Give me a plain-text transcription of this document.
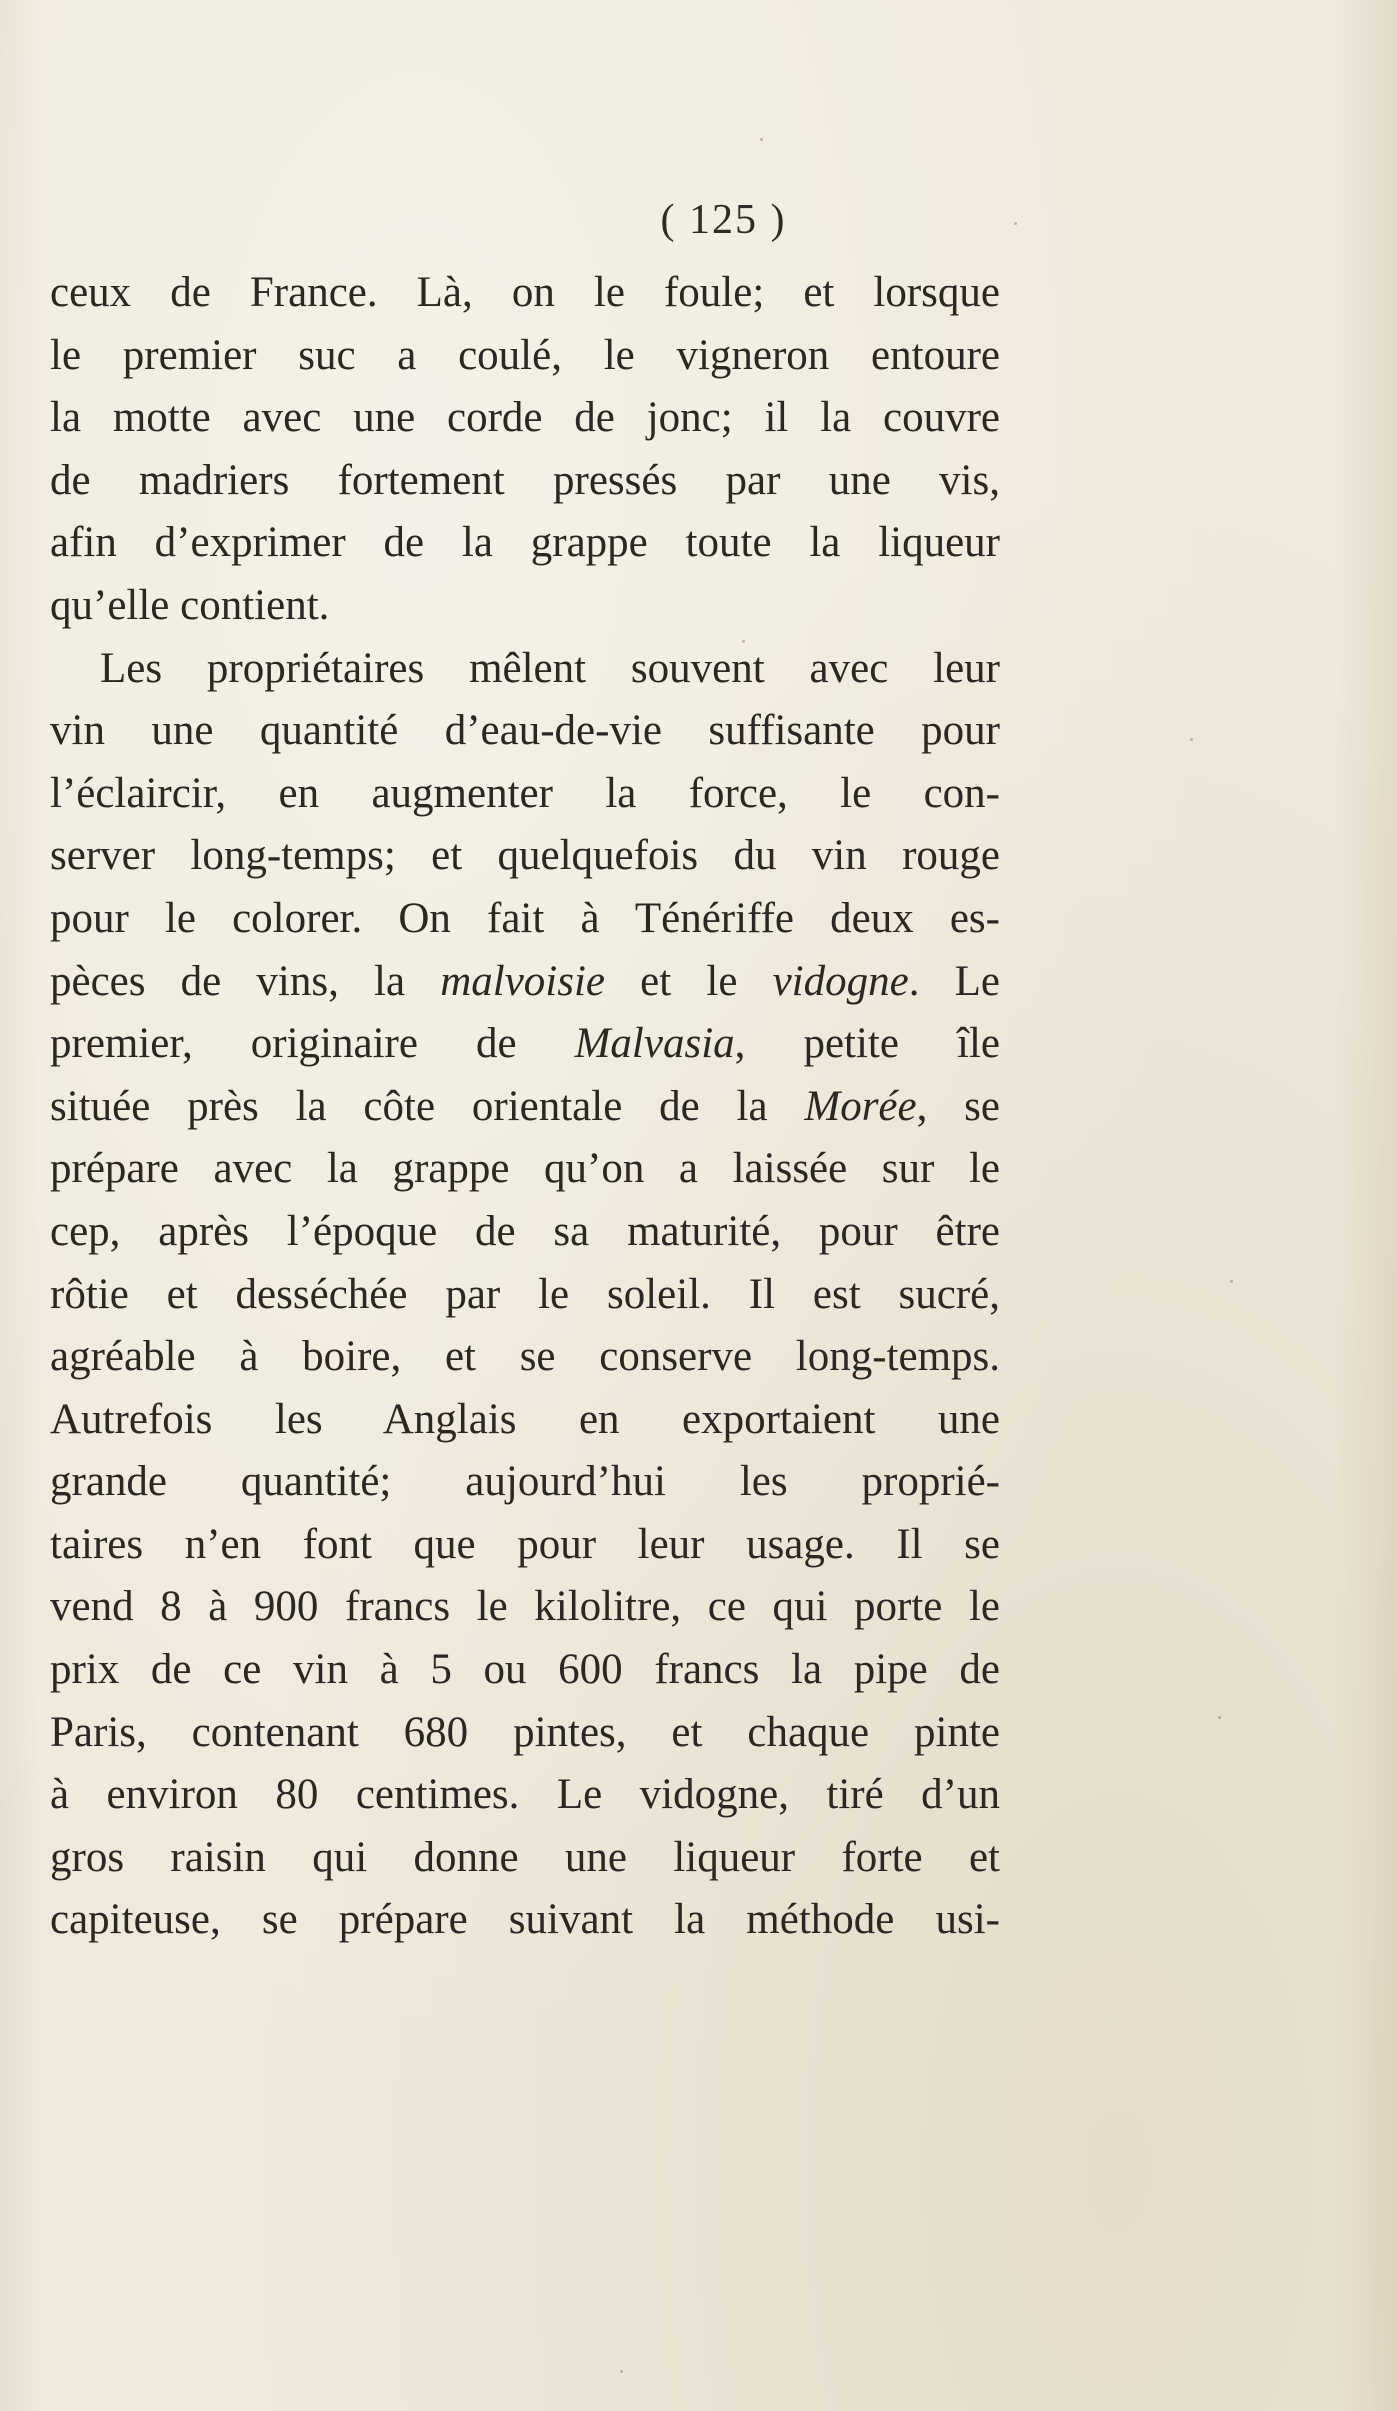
( 125 )
ceux de France. Là, on le foule; et lorsque
le premier suc a coulé, le vigneron entoure
la motte avec une corde de jonc; il la couvre
de madriers fortement pressés par une vis,
afin d’exprimer de la grappe toute la liqueur
qu’elle contient.
Les propriétaires mêlent souvent avec leur
vin une quantité d’eau-de-vie suffisante pour
l’éclaircir, en augmenter la force, le con-
server long-temps; et quelquefois du vin rouge
pour le colorer. On fait à Ténériffe deux es-
pèces de vins, la malvoisie et le vidogne. Le
premier, originaire de Malvasia, petite île
située près la côte orientale de la Morée, se
prépare avec la grappe qu’on a laissée sur le
cep, après l’époque de sa maturité, pour être
rôtie et desséchée par le soleil. Il est sucré,
agréable à boire, et se conserve long-temps.
Autrefois les Anglais en exportaient une
grande quantité; aujourd’hui les proprié-
taires n’en font que pour leur usage. Il se
vend 8 à 900 francs le kilolitre, ce qui porte le
prix de ce vin à 5 ou 600 francs la pipe de
Paris, contenant 680 pintes, et chaque pinte
à environ 80 centimes. Le vidogne, tiré d’un
gros raisin qui donne une liqueur forte et
capiteuse, se prépare suivant la méthode usi-
